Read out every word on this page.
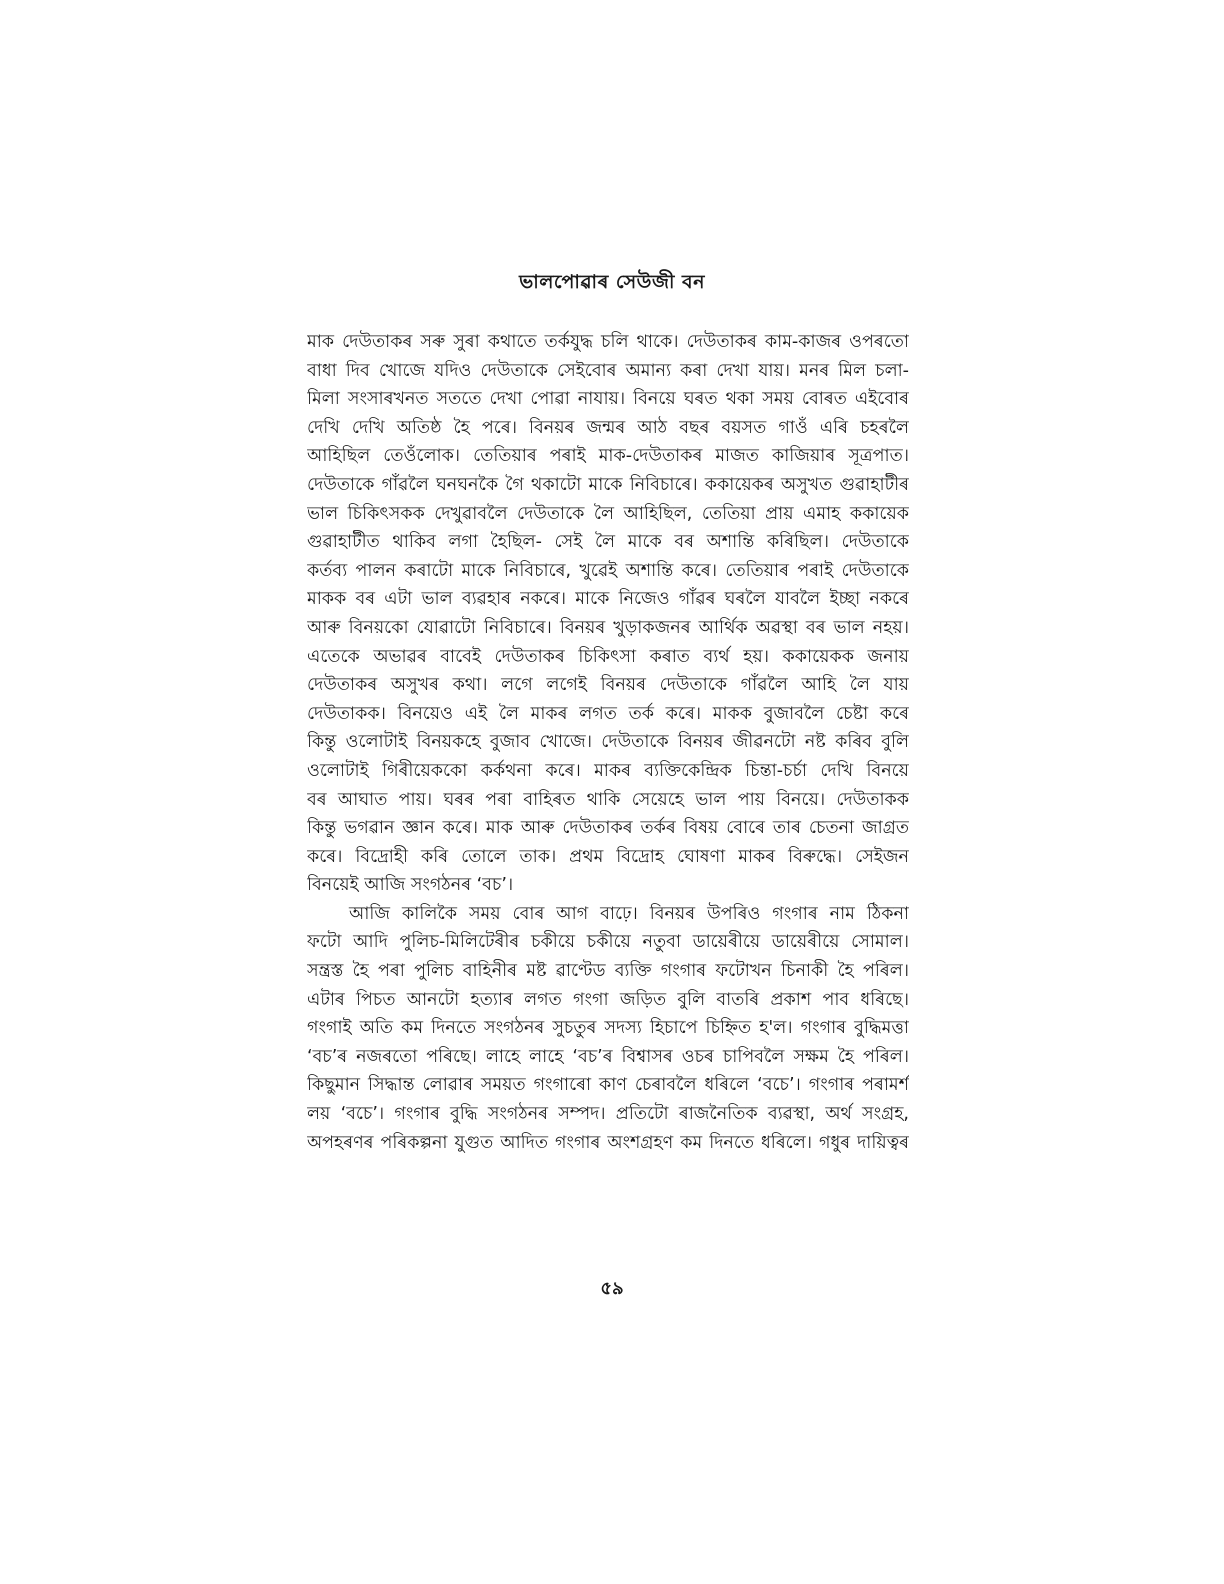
ভালপোৱাৰ সেউজী বন
মাক দেউতাকৰ সৰু সুৰা কথাতে তৰ্কযুদ্ধ চলি থাকে। দেউতাকৰ কাম-কাজৰ ওপৰতো
বাধা দিব খোজে যদিও দেউতাকে সেইবোৰ অমান্য কৰা দেখা যায়। মনৰ মিল চলা-
মিলা সংসাৰখনত সততে দেখা পোৱা নাযায়। বিনয়ে ঘৰত থকা সময় বোৰত এইবোৰ
দেখি দেখি অতিষ্ঠ হৈ পৰে। বিনয়ৰ জন্মৰ আঠ বছৰ বয়সত গাওঁ এৰি চহৰলৈ
আহিছিল তেওঁলোক। তেতিয়াৰ পৰাই মাক-দেউতাকৰ মাজত কাজিয়াৰ সূত্ৰপাত।
দেউতাকে গাঁৱলৈ ঘনঘনকৈ গৈ থকাটো মাকে নিবিচাৰে। ককায়েকৰ অসুখত গুৱাহাটীৰ
ভাল চিকিৎসকক দেখুৱাবলৈ দেউতাকে লৈ আহিছিল, তেতিয়া প্ৰায় এমাহ ককায়েক
গুৱাহাটীত থাকিব লগা হৈছিল- সেই লৈ মাকে বৰ অশান্তি কৰিছিল। দেউতাকে
কৰ্তব্য পালন কৰাটো মাকে নিবিচাৰে, খুৱেই অশান্তি কৰে। তেতিয়াৰ পৰাই দেউতাকে
মাকক বৰ এটা ভাল ব্যৱহাৰ নকৰে। মাকে নিজেও গাঁৱৰ ঘৰলৈ যাবলৈ ইচ্ছা নকৰে
আৰু বিনয়কো যোৱাটো নিবিচাৰে। বিনয়ৰ খুড়াকজনৰ আৰ্থিক অৱস্থা বৰ ভাল নহয়।
এতেকে অভাৱৰ বাবেই দেউতাকৰ চিকিৎসা কৰাত ব্যৰ্থ হয়। ককায়েকক জনায়
দেউতাকৰ অসুখৰ কথা। লগে লগেই বিনয়ৰ দেউতাকে গাঁৱলৈ আহি লৈ যায়
দেউতাকক। বিনয়েও এই লৈ মাকৰ লগত তৰ্ক কৰে। মাকক বুজাবলৈ চেষ্টা কৰে
কিন্তু ওলোটাই বিনয়কহে বুজাব খোজে। দেউতাকে বিনয়ৰ জীৱনটো নষ্ট কৰিব বুলি
ওলোটাই গিৰীয়েককো কৰ্কথনা কৰে। মাকৰ ব্যক্তিকেন্দ্ৰিক চিন্তা-চৰ্চা দেখি বিনয়ে
বৰ আঘাত পায়। ঘৰৰ পৰা বাহিৰত থাকি সেয়েহে ভাল পায় বিনয়ে। দেউতাকক
কিন্তু ভগৱান জ্ঞান কৰে। মাক আৰু দেউতাকৰ তৰ্কৰ বিষয় বোৰে তাৰ চেতনা জাগ্ৰত
কৰে। বিদ্ৰোহী কৰি তোলে তাক। প্ৰথম বিদ্ৰোহ ঘোষণা মাকৰ বিৰুদ্ধে। সেইজন
বিনয়েই আজি সংগঠনৰ ‘বচ’।
আজি কালিকৈ সময় বোৰ আগ বাঢ়ে। বিনয়ৰ উপৰিও গংগাৰ নাম ঠিকনা
ফটো আদি পুলিচ-মিলিটেৰীৰ চকীয়ে চকীয়ে নতুবা ডায়েৰীয়ে ডায়েৰীয়ে সোমাল।
সন্ত্ৰস্ত হৈ পৰা পুলিচ বাহিনীৰ মষ্ট ৱাণ্টেড ব্যক্তি গংগাৰ ফটোখন চিনাকী হৈ পৰিল।
এটাৰ পিচত আনটো হত্যাৰ লগত গংগা জড়িত বুলি বাতৰি প্ৰকাশ পাব ধৰিছে।
গংগাই অতি কম দিনতে সংগঠনৰ সুচতুৰ সদস্য হিচাপে চিহ্নিত হ'ল। গংগাৰ বুদ্ধিমত্তা
‘বচ’ৰ নজৰতো পৰিছে। লাহে লাহে ‘বচ’ৰ বিশ্বাসৰ ওচৰ চাপিবলৈ সক্ষম হৈ পৰিল।
কিছুমান সিদ্ধান্ত লোৱাৰ সময়ত গংগাৰো কাণ চেৰাবলৈ ধৰিলে ‘বচে’। গংগাৰ পৰামৰ্শ
লয় ‘বচে’। গংগাৰ বুদ্ধি সংগঠনৰ সম্পদ। প্ৰতিটো ৰাজনৈতিক ব্যৱস্থা, অৰ্থ সংগ্ৰহ,
অপহৰণৰ পৰিকল্পনা যুগুত আদিত গংগাৰ অংশগ্ৰহণ কম দিনতে ধৰিলে। গধুৰ দায়িত্বৰ
৫৯
